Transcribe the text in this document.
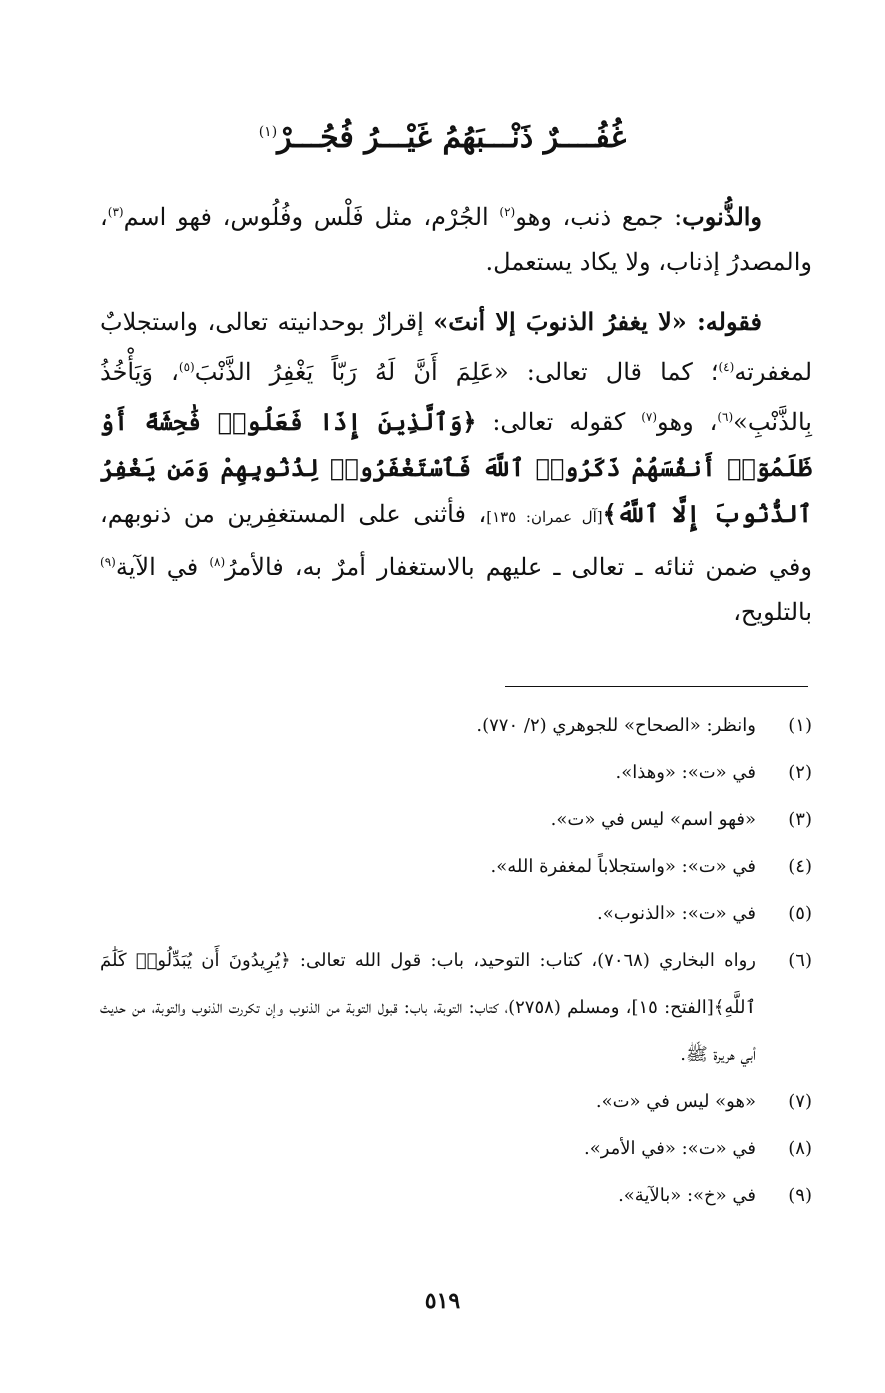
غُفُــــرٌ ذَنْـــبَهُمُ غَيْـــرُ فُجُـــرْ$^{(١)}$

والذُّنوب: جمع ذنب، وهو$^{(٢)}$ الجُرْم، مثل فَلْس وفُلُوس، فهو اسم$^{(٣)}$، والمصدرُ إذناب، ولا يكاد يستعمل.

فقوله: «لا يغفرُ الذنوبَ إلا أنتَ» إقرارٌ بوحدانيته تعالى، واستجلابٌ لمغفرته$^{(٤)}$؛ كما قال تعالى: «عَلِمَ أَنَّ لَهُ رَبّاً يَغْفِرُ الذَّنْبَ$^{(٥)}$، وَيَأْخُذُ بِالذَّنْبِ»$^{(٦)}$، وهو$^{(٧)}$ كقوله تعالى: ﴿وَٱلَّذِينَ إِذَا فَعَلُوا۟ فَٰحِشَةً أَوْ ظَلَمُوٓا۟ أَنفُسَهُمْ ذَكَرُوا۟ ٱللَّهَ فَٱسْتَغْفَرُوا۟ لِذُنُوبِهِمْ وَمَن يَغْفِرُ ٱلذُّنُوبَ إِلَّا ٱللَّهُ﴾[آل عمران: ١٣٥]، فأثنى على المستغفِرين من ذنوبهم، وفي ضمن ثنائه ـ تعالى ـ عليهم بالاستغفار أمرٌ به، فالأمرُ$^{(٨)}$ في الآية$^{(٩)}$ بالتلويح،

(١)
وانظر: «الصحاح» للجوهري (٢/ ٧٧٠).
(٢)
في «ت»: «وهذا».
(٣)
«فهو اسم» ليس في «ت».
(٤)
في «ت»: «واستجلاباً لمغفرة الله».
(٥)
في «ت»: «الذنوب».
(٦)
رواه البخاري (٧٠٦٨)، كتاب: التوحيد، باب: قول الله تعالى: ﴿يُرِيدُونَ أَن يُبَدِّلُوا۟ كَلَٰمَ ٱللَّهِ﴾[الفتح: ١٥]، ومسلم (٢٧٥٨)، كتاب: التوبة، باب: قبول التوبة من الذنوب وإن تكررت الذنوب والتوبة، من حديث أبي هريرة ﷺ.
(٧)
«هو» ليس في «ت».
(٨)
في «ت»: «في الأمر».
(٩)
في «خ»: «بالآية».
٥١٩
